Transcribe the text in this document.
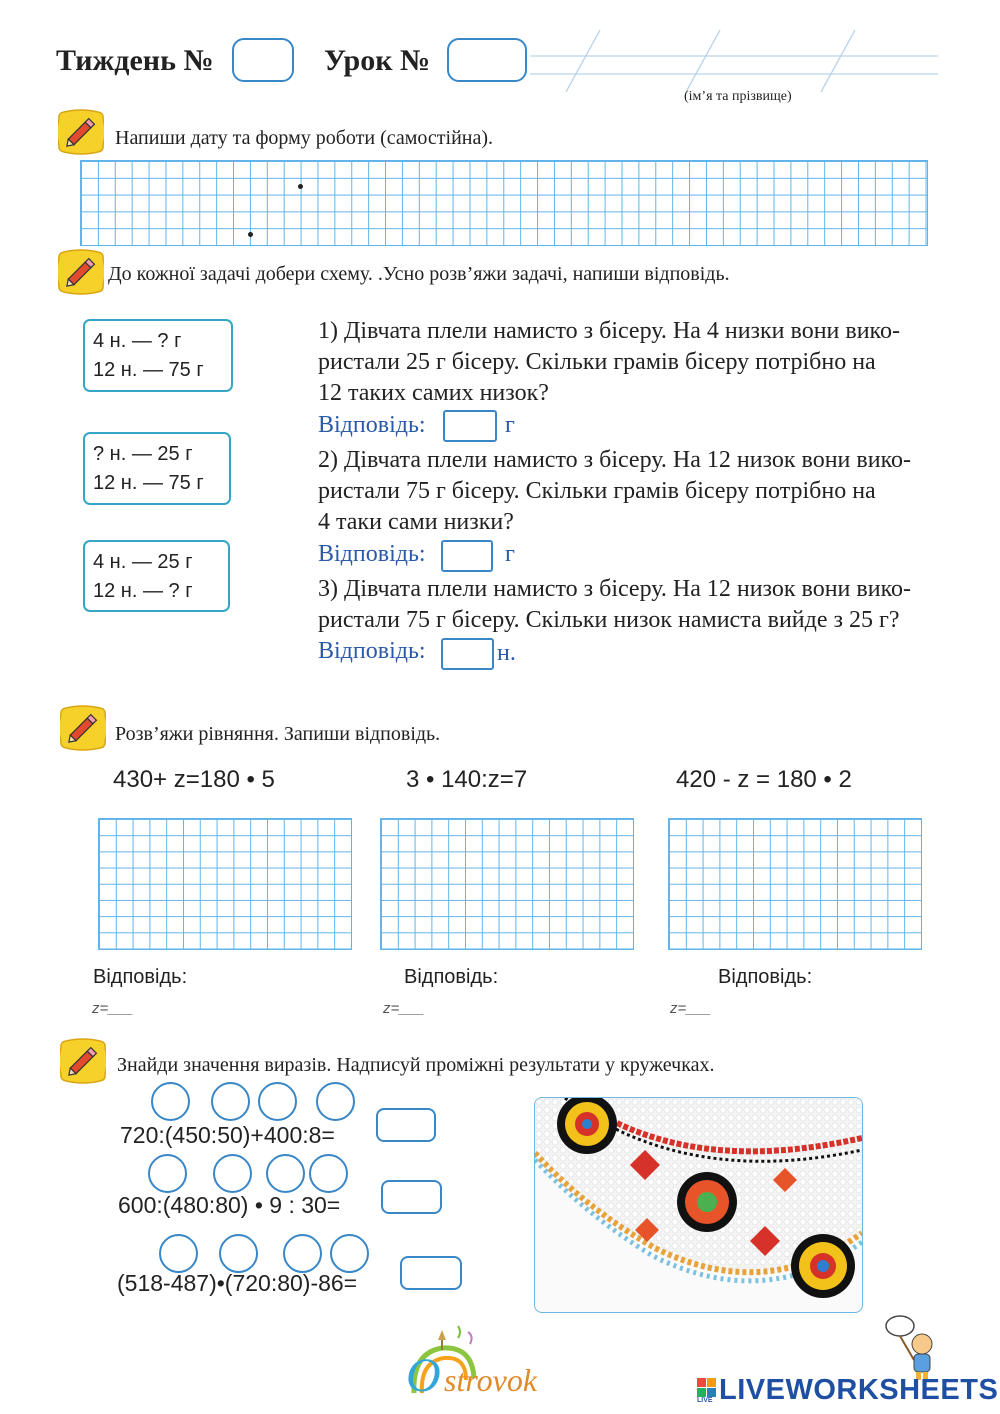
Тиждень №	Урок №
(ім’я та прізвище)
Напиши дату та форму роботи (самостійна).
До кожної задачі добери схему. .Усно розв’яжи задачі, напиши відповідь.
4 н. — ? г
12 н. — 75 г
? н. — 25 г
12 н. — 75 г
4 н. — 25 г
12 н. — ? г
1) Дівчата плели намисто з бісеру. На 4 низки вони вико-
ристали 25 г бісеру. Скільки грамів бісеру потрібно на
12 таких самих низок?
Відповідь:	г
2) Дівчата плели намисто з бісеру. На 12 низок вони вико-
ристали 75 г бісеру. Скільки грамів бісеру потрібно на
4 таки сами низки?
Відповідь:	г
3) Дівчата плели намисто з бісеру. На 12 низок вони вико-
ристали 75 г бісеру. Скільки низок намиста вийде з 25 г?
Відповідь:	н.
Розв’яжи рівняння. Запиши відповідь.
430+ z=180 • 5	3 • 140:z=7	420 - z = 180 • 2
Відповідь:	Відповідь:	Відповідь:
z=___	z=___	z=___
Знайди значення виразів. Надписуй проміжні результати у кружечках.
720:(450:50)+400:8=
600:(480:80) • 9 : 30=
(518-487)•(720:80)-86=
O strovok
LIVE LIVEWORKSHEETS
